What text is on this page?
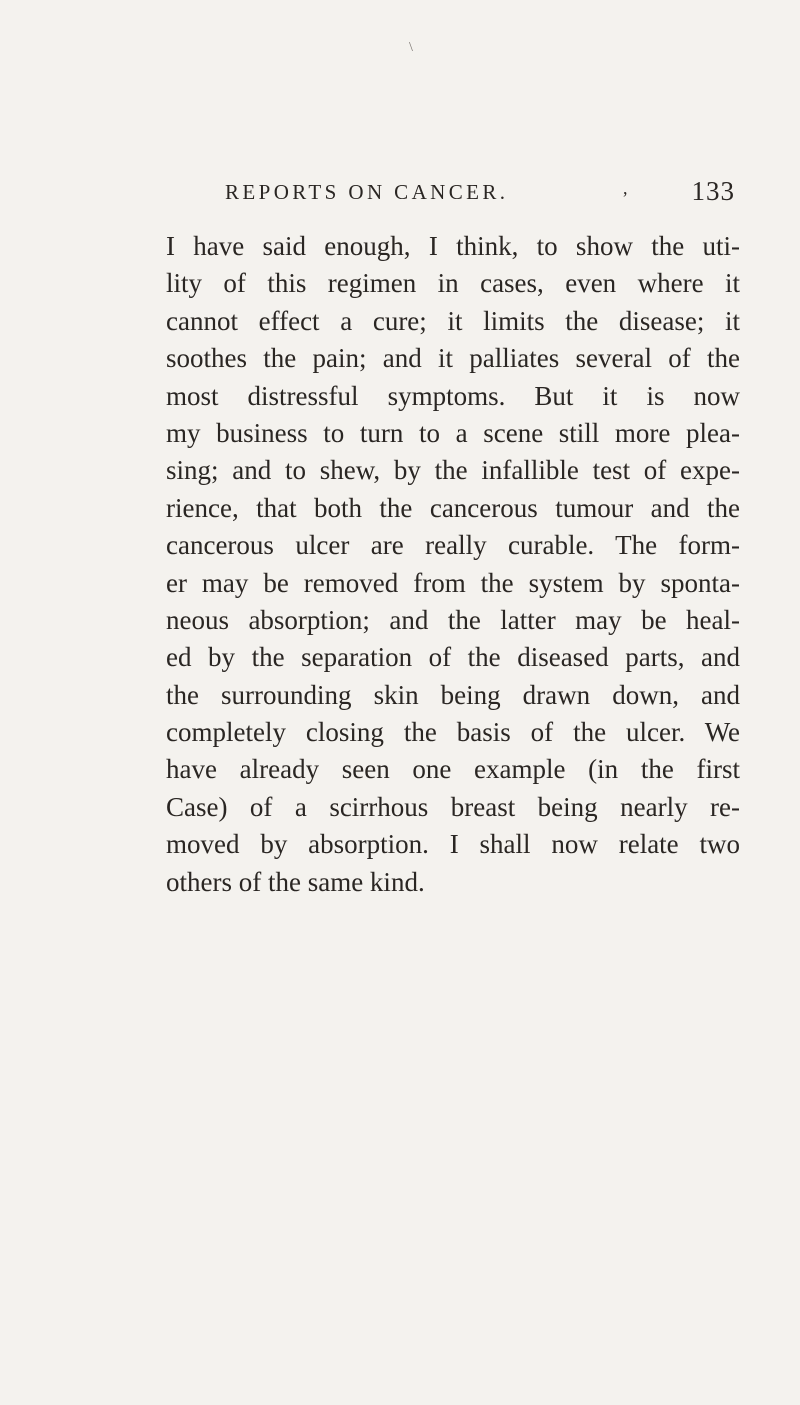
\
REPORTS ON CANCER.	, 133
I have said enough, I think, to show the uti-
lity of this regimen in cases, even where it
cannot effect a cure; it limits the disease; it
soothes the pain; and it palliates several of the
most distressful symptoms. But it is now
my business to turn to a scene still more plea-
sing; and to shew, by the infallible test of expe-
rience, that both the cancerous tumour and the
cancerous ulcer are really curable. The form-
er may be removed from the system by sponta-
neous absorption; and the latter may be heal-
ed by the separation of the diseased parts, and
the surrounding skin being drawn down, and
completely closing the basis of the ulcer. We
have already seen one example (in the first
Case) of a scirrhous breast being nearly re-
moved by absorption. I shall now relate two
others of the same kind.
